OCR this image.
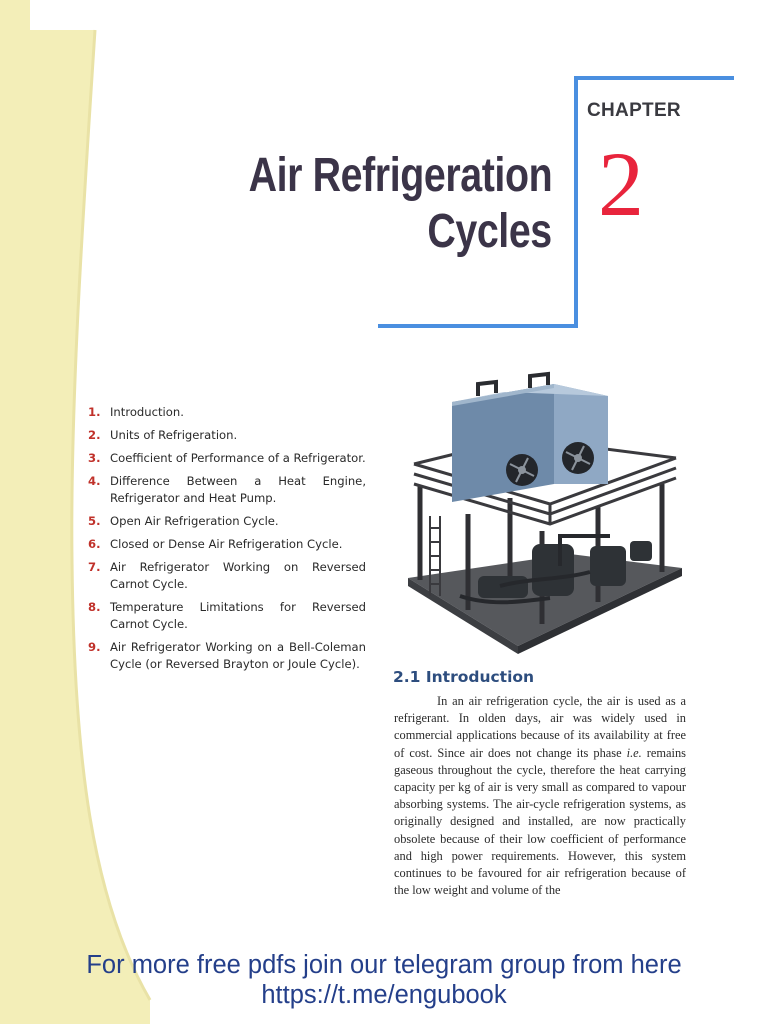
CHAPTER
2
Air Refrigeration
Cycles
1. Introduction.
2. Units of Refrigeration.
3. Coefficient of Performance of a Refrigerator.
4. Difference Between a Heat Engine, Refrigerator and Heat Pump.
5. Open Air Refrigeration Cycle.
6. Closed or Dense Air Refrigeration Cycle.
7. Air Refrigerator Working on Reversed Carnot Cycle.
8. Temperature Limitations for Reversed Carnot Cycle.
9. Air Refrigerator Working on a Bell-Coleman Cycle (or Reversed Brayton or Joule Cycle).
2.1 Introduction

In an air refrigeration cycle, the air is used as a refrigerant. In olden days, air was widely used in commercial applications because of its availability at free of cost. Since air does not change its phase i.e. remains gaseous throughout the cycle, therefore the heat carrying capacity per kg of air is very small as compared to vapour absorbing systems. The air-cycle refrigeration systems, as originally designed and installed, are now practically obsolete because of their low coefficient of performance and high power requirements. However, this system continues to be favoured for air refrigeration because of the low weight and volume of the

For more free pdfs join our telegram group from here
https://t.me/engubook
